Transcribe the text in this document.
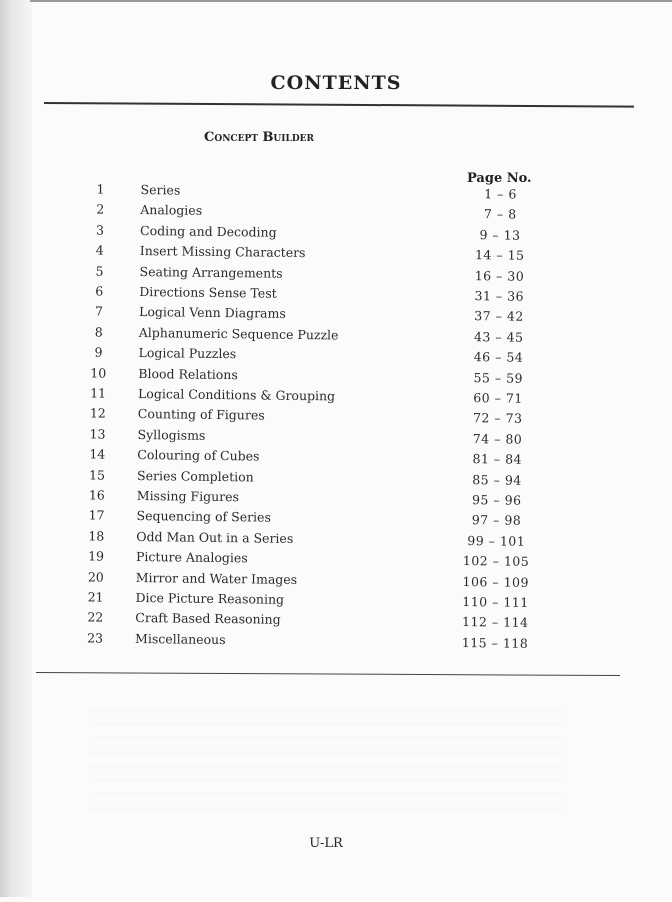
CONTENTS
Concept Builder
Page No.
1	Series	1 – 6
2	Analogies	7 – 8
3	Coding and Decoding	9 – 13
4	Insert Missing Characters	14 – 15
5	Seating Arrangements	16 – 30
6	Directions Sense Test	31 – 36
7	Logical Venn Diagrams	37 – 42
8	Alphanumeric Sequence Puzzle	43 – 45
9	Logical Puzzles	46 – 54
10	Blood Relations	55 – 59
11	Logical Conditions & Grouping	60 – 71
12	Counting of Figures	72 – 73
13	Syllogisms	74 – 80
14	Colouring of Cubes	81 – 84
15	Series Completion	85 – 94
16	Missing Figures	95 – 96
17	Sequencing of Series	97 – 98
18	Odd Man Out in a Series	99 – 101
19	Picture Analogies	102 – 105
20	Mirror and Water Images	106 – 109
21	Dice Picture Reasoning	110 – 111
22	Craft Based Reasoning	112 – 114
23	Miscellaneous	115 – 118
U-LR
